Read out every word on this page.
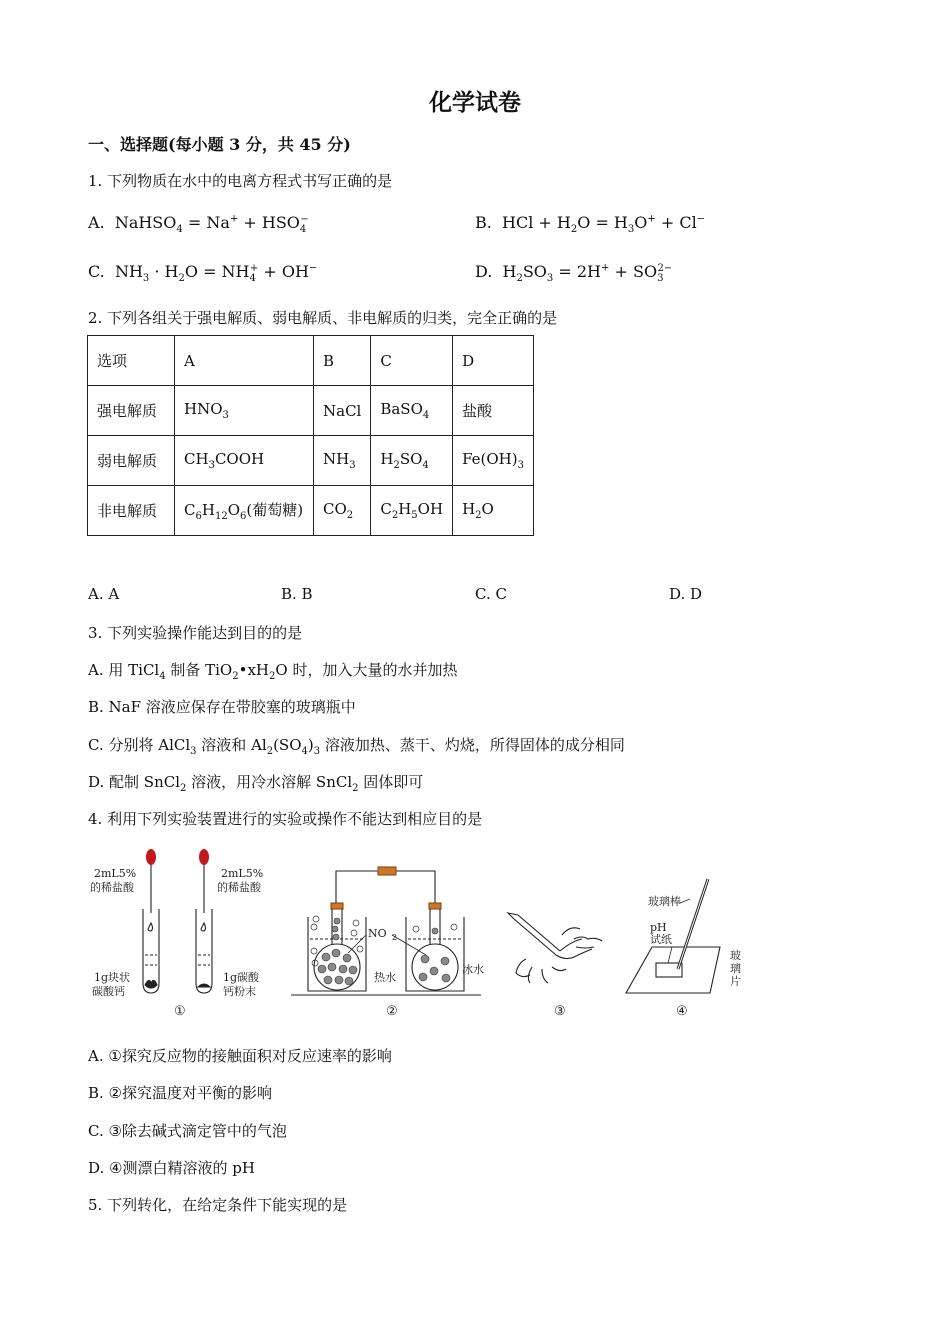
化学试卷
一、选择题(每小题 3 分，共 45 分)
1. 下列物质在水中的电离方程式书写正确的是
A.  NaHSO$_4$ = $Na^+ + HSO_4^-$	B.  HCl + $H_2O = H_3O^+ + Cl^-$
C.  $NH_3 \cdot H_2O = NH_4^+ + OH^-$	D.  $H_2SO_3 = 2H^+ + SO_3^{2-}$
2. 下列各组关于强电解质、弱电解质、非电解质的归类，完全正确的是
选项	A	B	C	D
强电解质	$HNO_3$	NaCl	BaSO$_4$	盐酸
弱电解质	$CH_3COOH$	$NH_3$	$H_2SO_4$	$Fe(OH)_3$
非电解质	$C_6H_{12}O_6$(葡萄糖)	$CO_2$	$C_2H_5OH$	$H_2O$
A. A	B. B	C. C	D. D
3. 下列实验操作能达到目的的是
A. 用 TiCl$_4$ 制备 $TiO_2•xH_2O$ 时，加入大量的水并加热
B. NaF 溶液应保存在带胶塞的玻璃瓶中
C. 分别将 AlCl$_3$ 溶液和 $Al_2(SO_4)_3$ 溶液加热、蒸干、灼烧，所得固体的成分相同
D. 配制 SnCl$_2$ 溶液，用冷水溶解 SnCl$_2$ 固体即可
4. 利用下列实验装置进行的实验或操作不能达到相应目的是
2mL5%
的稀盐酸
2mL5%
的稀盐酸
1g块状
碳酸钙
1g碳酸
钙粉末
①
NO 2
热水
冰水
②	③
玻璃棒
pH
试纸
玻
璃
片
④
A. ①探究反应物的接触面积对反应速率的影响
B. ②探究温度对平衡的影响
C. ③除去碱式滴定管中的气泡
D. ④测漂白精溶液的 pH
5. 下列转化，在给定条件下能实现的是
